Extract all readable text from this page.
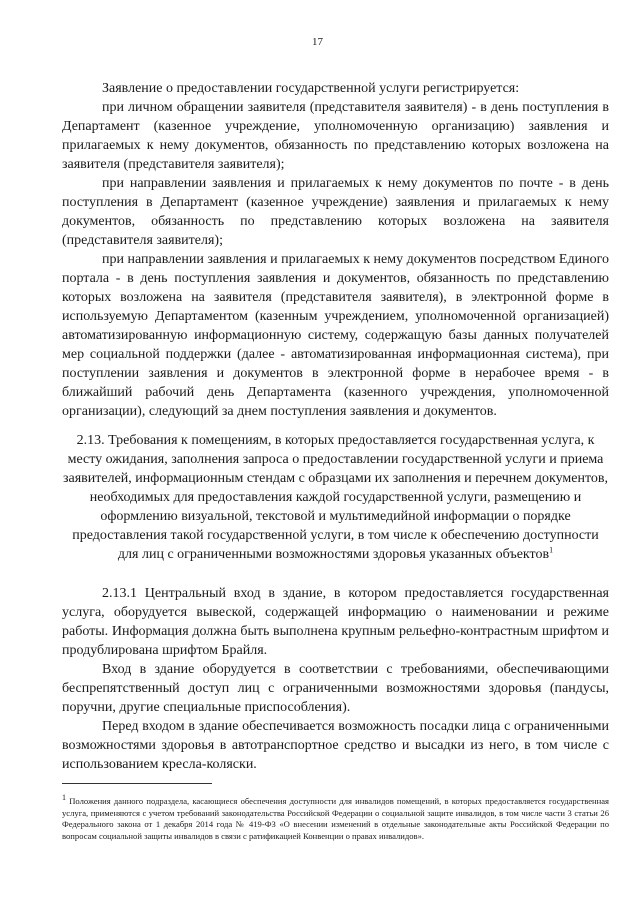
17

Заявление о предоставлении государственной услуги регистрируется:

при личном обращении заявителя (представителя заявителя) - в день поступления в Департамент (казенное учреждение, уполномоченную организацию) заявления и прилагаемых к нему документов, обязанность по представлению которых возложена на заявителя (представителя заявителя);

при направлении заявления и прилагаемых к нему документов по почте - в день поступления в Департамент (казенное учреждение) заявления и прилагаемых к нему документов, обязанность по представлению которых возложена на заявителя (представителя заявителя);

при направлении заявления и прилагаемых к нему документов посредством Единого портала - в день поступления заявления и документов, обязанность по представлению которых возложена на заявителя (представителя заявителя), в электронной форме в используемую Департаментом (казенным учреждением, уполномоченной организацией) автоматизированную информационную систему, содержащую базы данных получателей мер социальной поддержки (далее - автоматизированная информационная система), при поступлении заявления и документов в электронной форме в нерабочее время - в ближайший рабочий день Департамента (казенного учреждения, уполномоченной организации), следующий за днем поступления заявления и документов.

2.13. Требования к помещениям, в которых предоставляется государственная услуга, к месту ожидания, заполнения запроса о предоставлении государственной услуги и приема заявителей, информационным стендам с образцами их заполнения и перечнем документов, необходимых для предоставления каждой государственной услуги, размещению и оформлению визуальной, текстовой и мультимедийной информации о порядке предоставления такой государственной услуги, в том числе к обеспечению доступности для лиц с ограниченными возможностями здоровья указанных объектов$^1$

2.13.1 Центральный вход в здание, в котором предоставляется государственная услуга, оборудуется вывеской, содержащей информацию о наименовании и режиме работы. Информация должна быть выполнена крупным рельефно-контрастным шрифтом и продублирована шрифтом Брайля.

Вход в здание оборудуется в соответствии с требованиями, обеспечивающими беспрепятственный доступ лиц с ограниченными возможностями здоровья (пандусы, поручни, другие специальные приспособления).

Перед входом в здание обеспечивается возможность посадки лица с ограниченными возможностями здоровья в автотранспортное средство и высадки из него, в том числе с использованием кресла-коляски.

$^1$ Положения данного подраздела, касающиеся обеспечения доступности для инвалидов помещений, в которых предоставляется государственная услуга, применяются с учетом требований законодательства Российской Федерации о социальной защите инвалидов, в том числе части 3 статьи 26 Федерального закона от 1 декабря 2014 года № 419-ФЗ «О внесении изменений в отдельные законодательные акты Российской Федерации по вопросам социальной защиты инвалидов в связи с ратификацией Конвенции о правах инвалидов».
